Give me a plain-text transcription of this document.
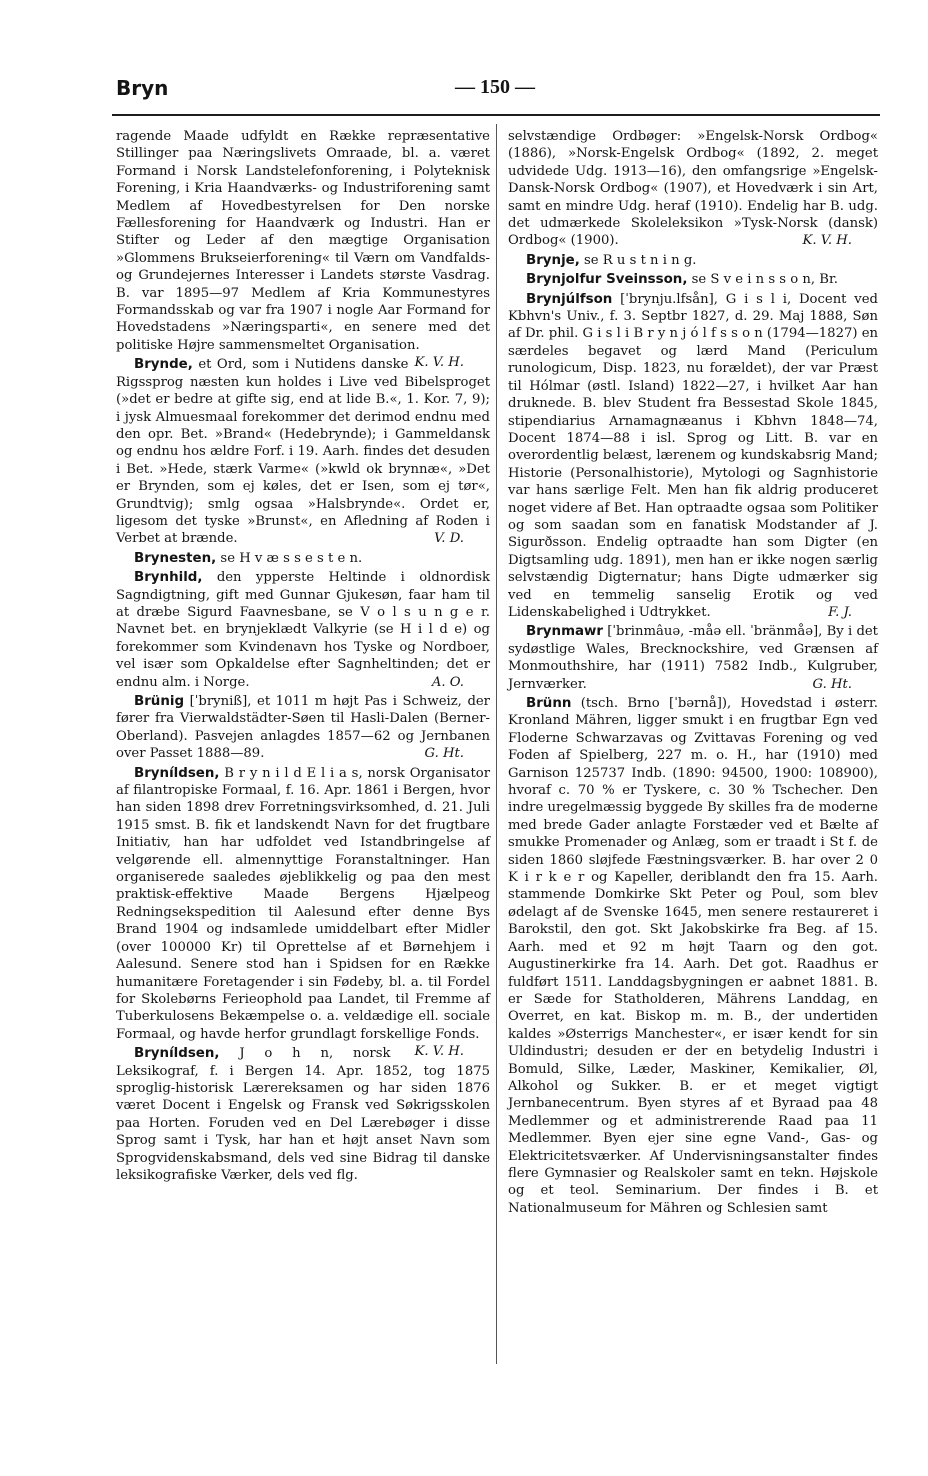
Bryn	— 150 —

ragende Maade udfyldt en Række repræsentative Stillinger paa Næringslivets Omraade, bl. a. været Formand i Norsk Landstelefonforening, i Polyteknisk Forening, i Kria Haandværks- og Industriforening samt Medlem af Hovedbestyrelsen for Den norske Fællesforening for Haandværk og Industri. Han er Stifter og Leder af den mægtige Organisation »Glommens Brukseierforening« til Værn om Vandfalds- og Grundejernes Interesser i Landets største Vasdrag. B. var 1895—97 Medlem af Kria Kommunestyres Formandsskab og var fra 1907 i nogle Aar Formand for Hovedstadens »Næringsparti«, en senere med det politiske Højre sammensmeltet Organisation.
K. V. H.

Brynde, et Ord, som i Nutidens danske Rigssprog næsten kun holdes i Live ved Bibelsproget (»det er bedre at gifte sig, end at lide B.«, 1. Kor. 7, 9); i jysk Almuesmaal forekommer det derimod endnu med den opr. Bet. »Brand« (Hedebrynde); i Gammeldansk og endnu hos ældre Forf. i 19. Aarh. findes det desuden i Bet. »Hede, stærk Varme« (»kwld ok brynnæ«, »Det er Brynden, som ej køles, det er Isen, som ej tør«, Grundtvig); smlg ogsaa »Halsbrynde«. Ordet er, ligesom det tyske »Brunst«, en Afledning af Roden i Verbet at brænde.	V. D.

Brynesten, se H v æ s s e s t e n.

Brynhild, den ypperste Heltinde i oldnordisk Sagndigtning, gift med Gunnar Gjukesøn, faar ham til at dræbe Sigurd Faavnesbane, se V o l s u n g e r. Navnet bet. en brynjeklædt Valkyrie (se H i l d e) og forekommer som Kvindenavn hos Tyske og Nordboer, vel især som Opkaldelse efter Sagnheltinden; det er endnu alm. i Norge.	A. O.

Brünig [ˈbryniß], et 1011 m højt Pas i Schweiz, der fører fra Vierwaldstädter-Søen til Hasli-Dalen (Berner-Oberland). Pasvejen anlagdes 1857—62 og Jernbanen over Passet 1888—89.	G. Ht.

Bryníldsen, B r y n i l d E l i a s, norsk Organisator af filantropiske Formaal, f. 16. Apr. 1861 i Bergen, hvor han siden 1898 drev Forretningsvirksomhed, d. 21. Juli 1915 smst. B. fik et landskendt Navn for det frugtbare Initiativ, han har udfoldet ved Istandbringelse af velgørende ell. almennyttige Foranstaltninger. Han organiserede saaledes øjeblikkelig og paa den mest praktisk-effektive Maade Bergens Hjælpeog Redningsekspedition til Aalesund efter denne Bys Brand 1904 og indsamlede umiddelbart efter Midler (over 100000 Kr) til Oprettelse af et Børnehjem i Aalesund. Senere stod han i Spidsen for en Række humanitære Foretagender i sin Fødeby, bl. a. til Fordel for Skolebørns Ferieophold paa Landet, til Fremme af Tuberkulosens Bekæmpelse o. a. veldædige ell. sociale Formaal, og havde herfor grundlagt forskellige Fonds.
K. V. H.

Bryníldsen, J o h n, norsk Leksikograf, f. i Bergen 14. Apr. 1852, tog 1875 sproglig-historisk Lærereksamen og har siden 1876 været Docent i Engelsk og Fransk ved Søkrigsskolen paa Horten. Foruden ved en Del Lærebøger i disse Sprog samt i Tysk, har han et højt anset Navn som Sprogvidenskabsmand, dels ved sine Bidrag til danske leksikografiske Værker, dels ved flg.

selvstændige Ordbøger: »Engelsk-Norsk Ordbog« (1886), »Norsk-Engelsk Ordbog« (1892, 2. meget udvidede Udg. 1913—16), den omfangsrige »Engelsk-Dansk-Norsk Ordbog« (1907), et Hovedværk i sin Art, samt en mindre Udg. heraf (1910). Endelig har B. udg. det udmærkede Skoleleksikon »Tysk-Norsk (dansk) Ordbog« (1900).	K. V. H.

Brynje, se R u s t n i n g.

Brynjolfur Sveinsson, se S v e i n s s o n, Br.

Brynjúlfson [ˈbrynju.lfsån], G i s l i, Docent ved Kbhvn's Univ., f. 3. Septbr 1827, d. 29. Maj 1888, Søn af Dr. phil. G i s l i B r y n j ó l f s s o n (1794—1827) en særdeles begavet og lærd Mand (Periculum runologicum, Disp. 1823, nu forældet), der var Præst til Hólmar (østl. Island) 1822—27, i hvilket Aar han druknede. B. blev Student fra Bessestad Skole 1845, stipendiarius Arnamagnæanus i Kbhvn 1848—74, Docent 1874—88 i isl. Sprog og Litt. B. var en overordentlig belæst, lærenem og kundskabsrig Mand; Historie (Personalhistorie), Mytologi og Sagnhistorie var hans særlige Felt. Men han fik aldrig produceret noget videre af Bet. Han optraadte ogsaa som Politiker og som saadan som en fanatisk Modstander af J. Sigurðsson. Endelig optraadte han som Digter (en Digtsamling udg. 1891), men han er ikke nogen særlig selvstændig Digternatur; hans Digte udmærker sig ved en temmelig sanselig Erotik og ved Lidenskabelighed i Udtrykket.	F. J.

Brynmawr [ˈbrinmâuə, -måə ell. ˈbränmåə], By i det sydøstlige Wales, Brecknockshire, ved Grænsen af Monmouthshire, har (1911) 7582 Indb., Kulgruber, Jernværker.	G. Ht.

Brünn (tsch. Brno [ˈbərnå]), Hovedstad i østerr. Kronland Mähren, ligger smukt i en frugtbar Egn ved Floderne Schwarzavas og Zvittavas Forening og ved Foden af Spielberg, 227 m. o. H., har (1910) med Garnison 125737 Indb. (1890: 94500, 1900: 108900), hvoraf c. 70 % er Tyskere, c. 30 % Tschecher. Den indre uregelmæssig byggede By skilles fra de moderne med brede Gader anlagte Forstæder ved et Bælte af smukke Promenader og Anlæg, som er traadt i St f. de siden 1860 sløjfede Fæstningsværker. B. har over 2 0 K i r k e r og Kapeller, deriblandt den fra 15. Aarh. stammende Domkirke Skt Peter og Poul, som blev ødelagt af de Svenske 1645, men senere restaureret i Barokstil, den got. Skt Jakobskirke fra Beg. af 15. Aarh. med et 92 m højt Taarn og den got. Augustinerkirke fra 14. Aarh. Det got. Raadhus er fuldført 1511. Landdagsbygningen er aabnet 1881. B. er Sæde for Statholderen, Mährens Landdag, en Overret, en kat. Biskop m. m. B., der undertiden kaldes »Østerrigs Manchester«, er især kendt for sin Uldindustri; desuden er der en betydelig Industri i Bomuld, Silke, Læder, Maskiner, Kemikalier, Øl, Alkohol og Sukker. B. er et meget vigtigt Jernbanecentrum. Byen styres af et Byraad paa 48 Medlemmer og et administrerende Raad paa 11 Medlemmer. Byen ejer sine egne Vand-, Gas- og Elektricitetsværker. Af Undervisningsanstalter findes flere Gymnasier og Realskoler samt en tekn. Højskole og et teol. Seminarium. Der findes i B. et Nationalmuseum for Mähren og Schlesien samt
